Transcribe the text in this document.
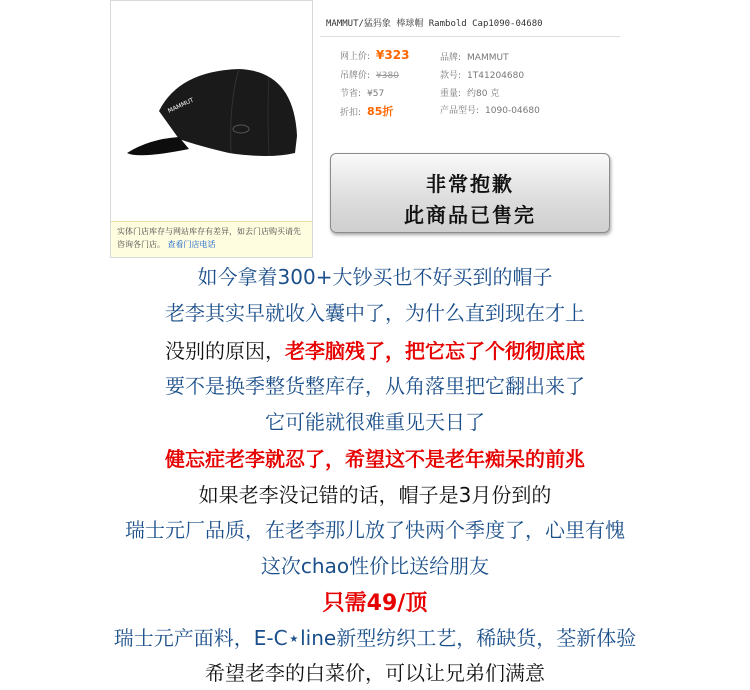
MAMMUT
实体门店库存与网站库存有差异，如去门店购买请先咨询各门店。 查看门店电话
MAMMUT/猛犸象 棒球帽 Rambold Cap1090-04680
网上价: ¥323
吊牌价: ¥380
节省: ¥57
折扣: 85折
品牌: MAMMUT
款号: 1T41204680
重量: 约80 克
产品型号: 1090-04680
非常抱歉
此商品已售完
如今拿着300+大钞买也不好买到的帽子
老李其实早就收入囊中了，为什么直到现在才上
没别的原因，老李脑残了，把它忘了个彻彻底底
要不是换季整货整库存，从角落里把它翻出来了
它可能就很难重见天日了
健忘症老李就忍了，希望这不是老年痴呆的前兆
如果老李没记错的话，帽子是3月份到的
瑞士元厂品质，在老李那儿放了快两个季度了，心里有愧
这次chao性价比送给朋友
只需49/顶
瑞士元产面料，E-C⋆line新型纺织工艺，稀缺货，荃新体验
希望老李的白菜价，可以让兄弟们满意
